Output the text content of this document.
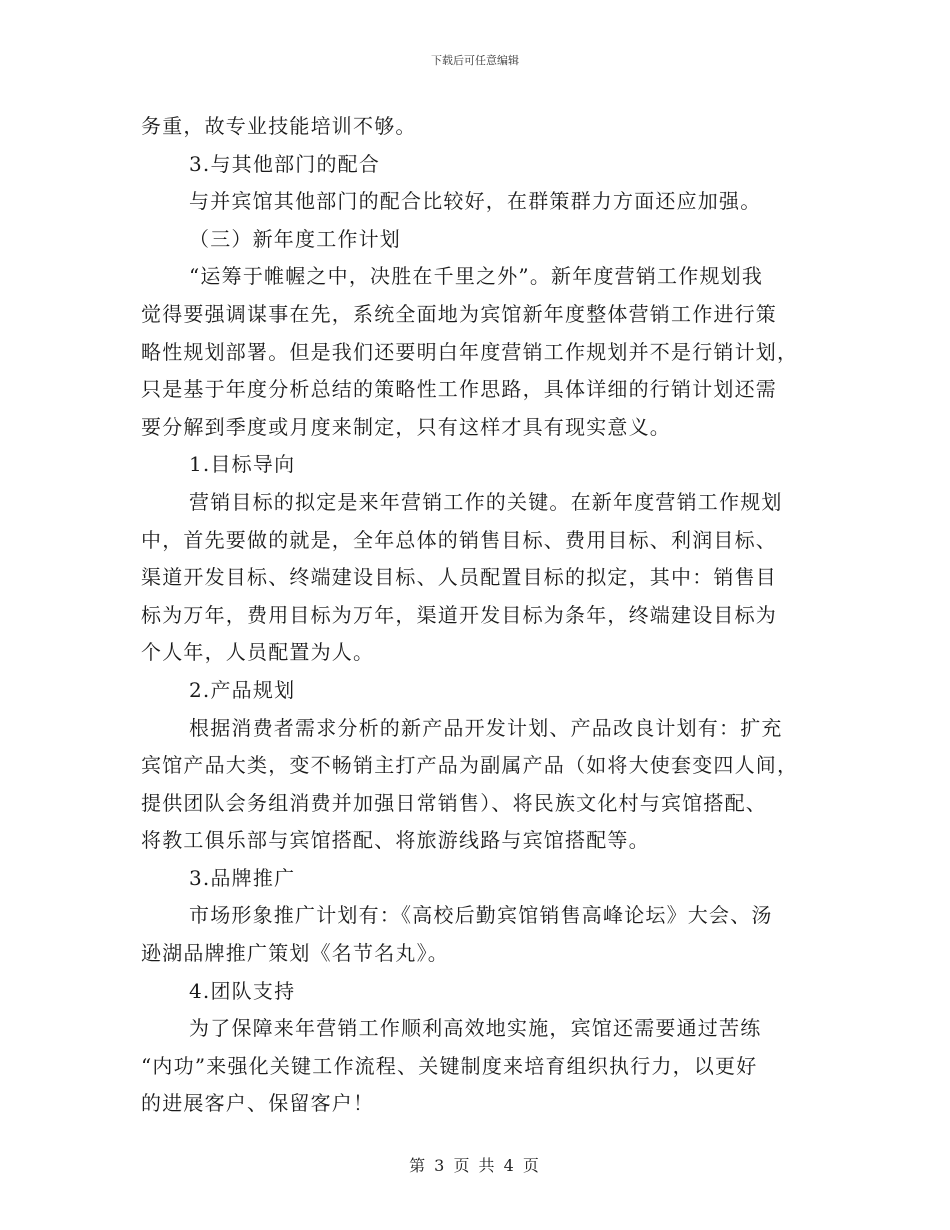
下载后可任意编辑
务重，故专业技能培训不够。
3.与其他部门的配合
与并宾馆其他部门的配合比较好，在群策群力方面还应加强。
（三）新年度工作计划
“运筹于帷幄之中，决胜在千里之外”。新年度营销工作规划我
觉得要强调谋事在先，系统全面地为宾馆新年度整体营销工作进行策
略性规划部署。但是我们还要明白年度营销工作规划并不是行销计划，
只是基于年度分析总结的策略性工作思路，具体详细的行销计划还需
要分解到季度或月度来制定，只有这样才具有现实意义。
1.目标导向
营销目标的拟定是来年营销工作的关键。在新年度营销工作规划
中，首先要做的就是，全年总体的销售目标、费用目标、利润目标、
渠道开发目标、终端建设目标、人员配置目标的拟定，其中：销售目
标为万年，费用目标为万年，渠道开发目标为条年，终端建设目标为
个人年，人员配置为人。
2.产品规划
根据消费者需求分析的新产品开发计划、产品改良计划有：扩充
宾馆产品大类，变不畅销主打产品为副属产品（如将大使套变四人间，
提供团队会务组消费并加强日常销售）、将民族文化村与宾馆搭配、
将教工俱乐部与宾馆搭配、将旅游线路与宾馆搭配等。
3.品牌推广
市场形象推广计划有：《高校后勤宾馆销售高峰论坛》大会、汤
逊湖品牌推广策划《名节名丸》。
4.团队支持
为了保障来年营销工作顺利高效地实施，宾馆还需要通过苦练
“内功”来强化关键工作流程、关键制度来培育组织执行力，以更好
的进展客户、保留客户！
第 3 页 共 4 页
